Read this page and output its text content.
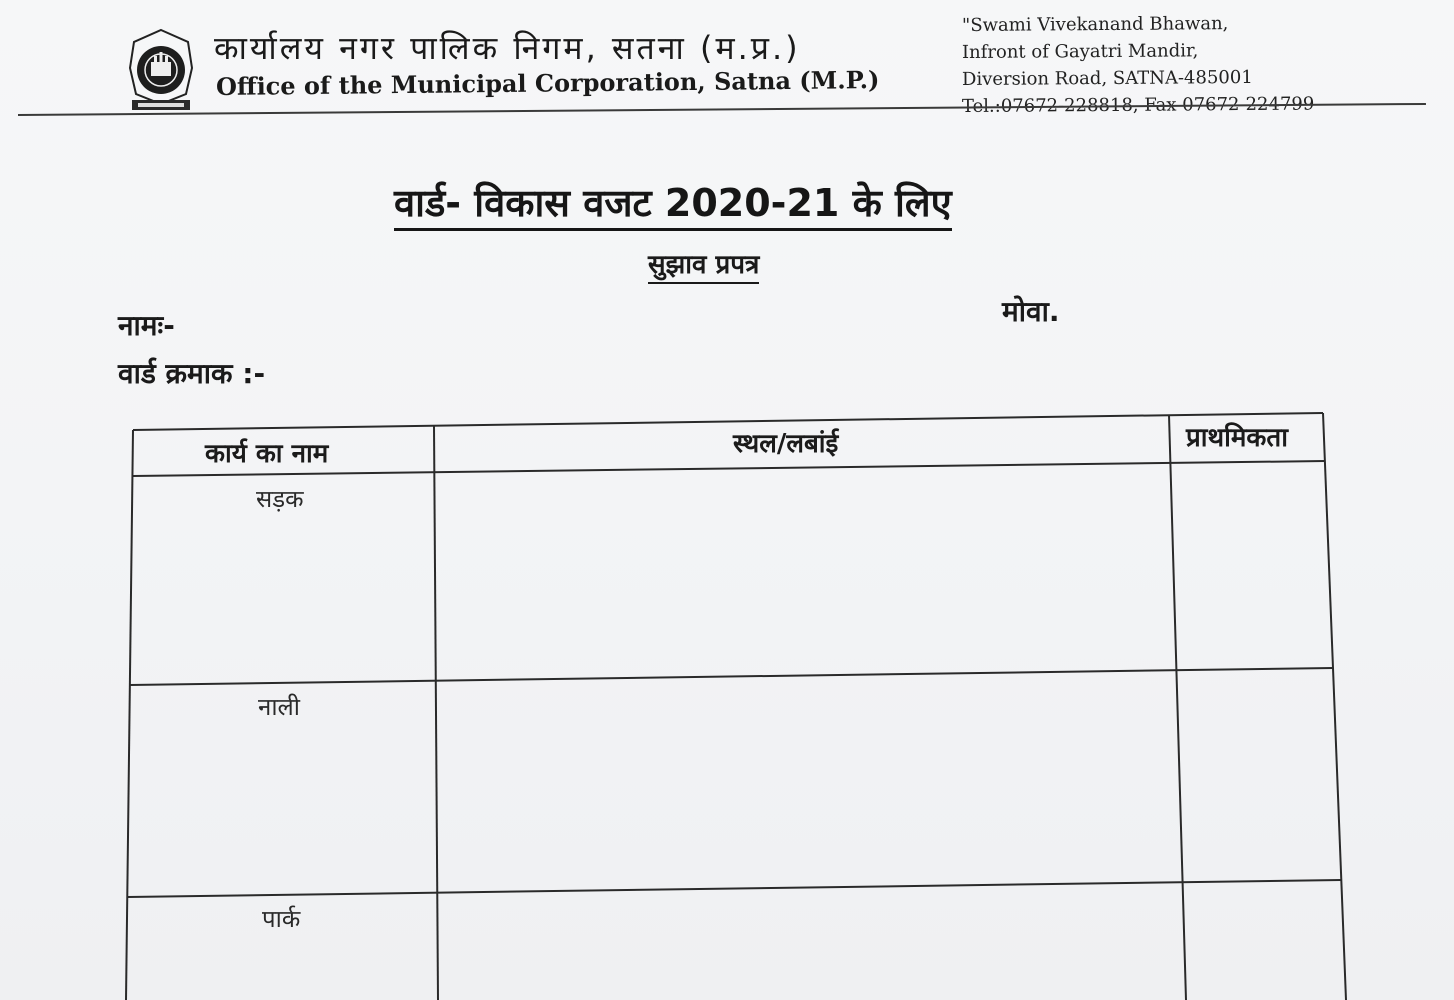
कार्यालय नगर पालिक निगम, सतना (म.प्र.)
Office of the Municipal Corporation, Satna (M.P.)
"Swami Vivekanand Bhawan,
Infront of Gayatri Mandir,
Diversion Road, SATNA-485001
Tel.:07672-228818, Fax-07672-224799
वार्ड- विकास वजट 2020-21 के लिए
सुझाव प्रपत्र
नामः-
वार्ड क्रमाक :-
मोवा.
कार्य का नाम	स्थल/लबांई	प्राथमिकता
सड़क
नाली
पार्क
